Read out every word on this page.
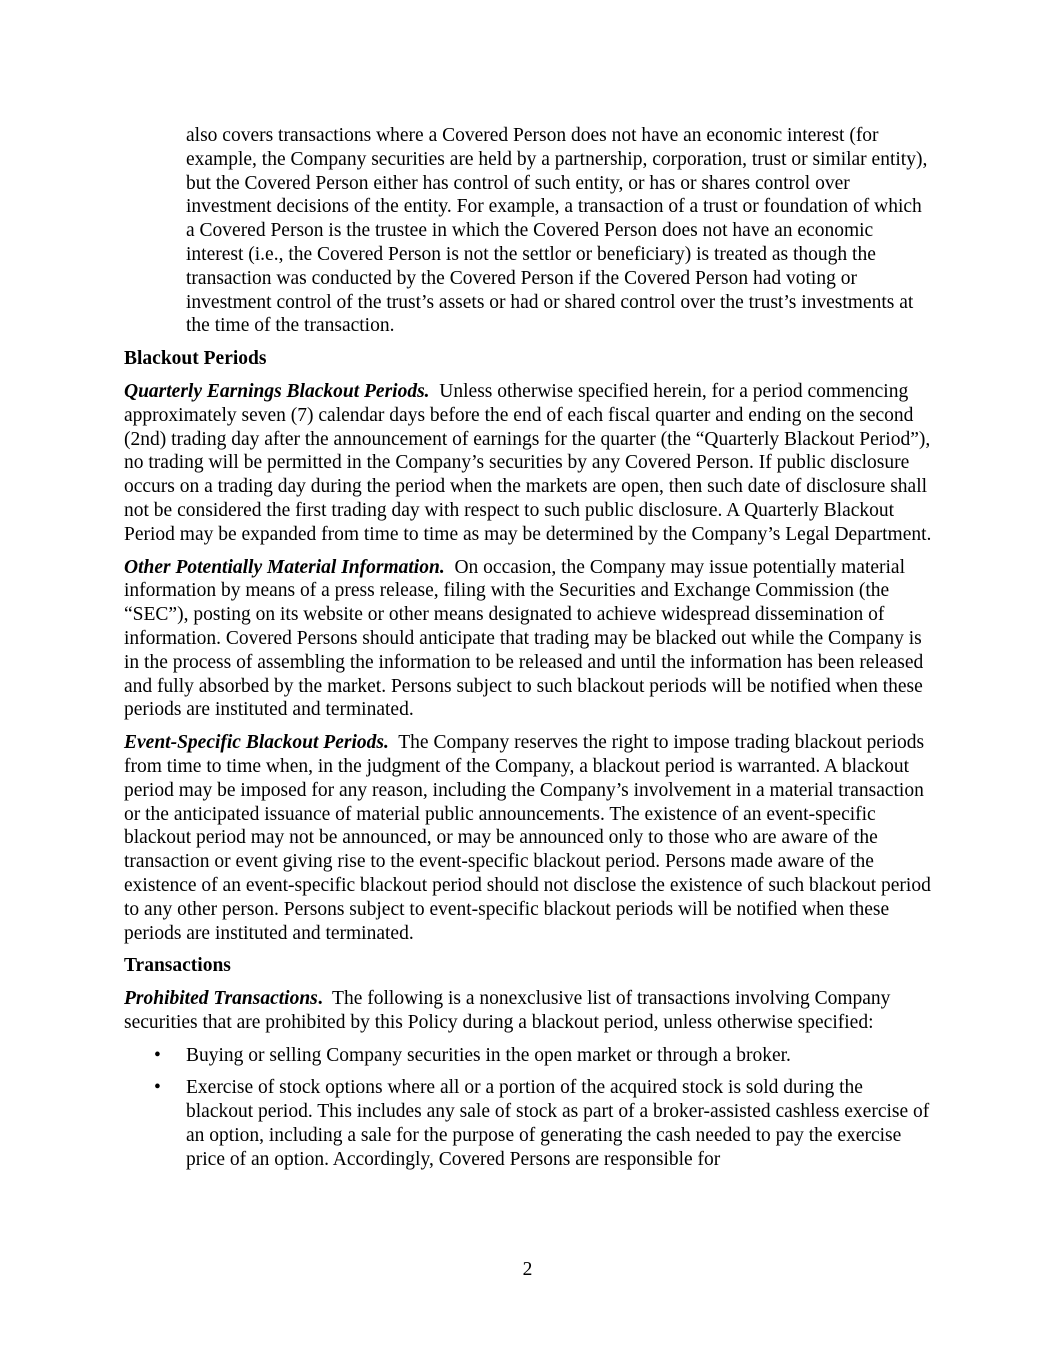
also covers transactions where a Covered Person does not have an economic interest (for example, the Company securities are held by a partnership, corporation, trust or similar entity), but the Covered Person either has control of such entity, or has or shares control over investment decisions of the entity. For example, a transaction of a trust or foundation of which a Covered Person is the trustee in which the Covered Person does not have an economic interest (i.e., the Covered Person is not the settlor or beneficiary) is treated as though the transaction was conducted by the Covered Person if the Covered Person had voting or investment control of the trust’s assets or had or shared control over the trust’s investments at the time of the transaction.

Blackout Periods

Quarterly Earnings Blackout Periods. Unless otherwise specified herein, for a period commencing approximately seven (7) calendar days before the end of each fiscal quarter and ending on the second (2nd) trading day after the announcement of earnings for the quarter (the “Quarterly Blackout Period”), no trading will be permitted in the Company’s securities by any Covered Person. If public disclosure occurs on a trading day during the period when the markets are open, then such date of disclosure shall not be considered the first trading day with respect to such public disclosure. A Quarterly Blackout Period may be expanded from time to time as may be determined by the Company’s Legal Department.

Other Potentially Material Information. On occasion, the Company may issue potentially material information by means of a press release, filing with the Securities and Exchange Commission (the “SEC”), posting on its website or other means designated to achieve widespread dissemination of information. Covered Persons should anticipate that trading may be blacked out while the Company is in the process of assembling the information to be released and until the information has been released and fully absorbed by the market. Persons subject to such blackout periods will be notified when these periods are instituted and terminated.

Event-Specific Blackout Periods. The Company reserves the right to impose trading blackout periods from time to time when, in the judgment of the Company, a blackout period is warranted. A blackout period may be imposed for any reason, including the Company’s involvement in a material transaction or the anticipated issuance of material public announcements. The existence of an event-specific blackout period may not be announced, or may be announced only to those who are aware of the transaction or event giving rise to the event-specific blackout period. Persons made aware of the existence of an event-specific blackout period should not disclose the existence of such blackout period to any other person. Persons subject to event-specific blackout periods will be notified when these periods are instituted and terminated.

Transactions

Prohibited Transactions. The following is a nonexclusive list of transactions involving Company securities that are prohibited by this Policy during a blackout period, unless otherwise specified:

• Buying or selling Company securities in the open market or through a broker.
• Exercise of stock options where all or a portion of the acquired stock is sold during the blackout period. This includes any sale of stock as part of a broker-assisted cashless exercise of an option, including a sale for the purpose of generating the cash needed to pay the exercise price of an option. Accordingly, Covered Persons are responsible for
2
